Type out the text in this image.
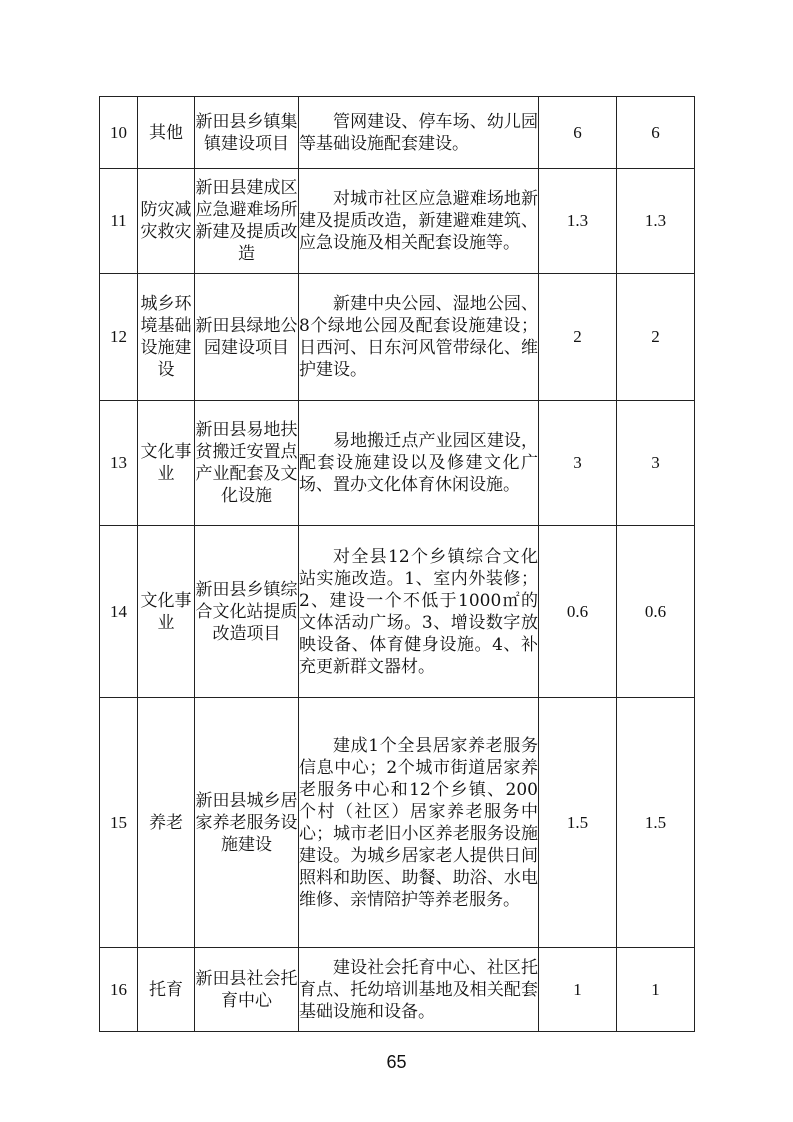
10	其他	新田县乡镇集镇建设项目	管网建设、停车场、幼儿园等基础设施配套建设。	6	6
11	防灾减灾救灾	新田县建成区应急避难场所新建及提质改造	对城市社区应急避难场地新建及提质改造，新建避难建筑、应急设施及相关配套设施等。	1.3	1.3
12	城乡环境基础设施建设	新田县绿地公园建设项目	新建中央公园、湿地公园、8个绿地公园及配套设施建设；日西河、日东河风管带绿化、维护建设。	2	2
13	文化事业	新田县易地扶贫搬迁安置点产业配套及文化设施	易地搬迁点产业园区建设，配套设施建设以及修建文化广场、置办文化体育休闲设施。	3	3
14	文化事业	新田县乡镇综合文化站提质改造项目	对全县12个乡镇综合文化站实施改造。1、室内外装修；2、建设一个不低于1000㎡的文体活动广场。3、增设数字放映设备、体育健身设施。4、补充更新群文器材。	0.6	0.6
15	养老	新田县城乡居家养老服务设施建设	建成1个全县居家养老服务信息中心；2个城市街道居家养老服务中心和12个乡镇、200个村（社区）居家养老服务中心；城市老旧小区养老服务设施建设。为城乡居家老人提供日间照料和助医、助餐、助浴、水电维修、亲情陪护等养老服务。	1.5	1.5
16	托育	新田县社会托育中心	建设社会托育中心、社区托育点、托幼培训基地及相关配套基础设施和设备。	1	1
65
